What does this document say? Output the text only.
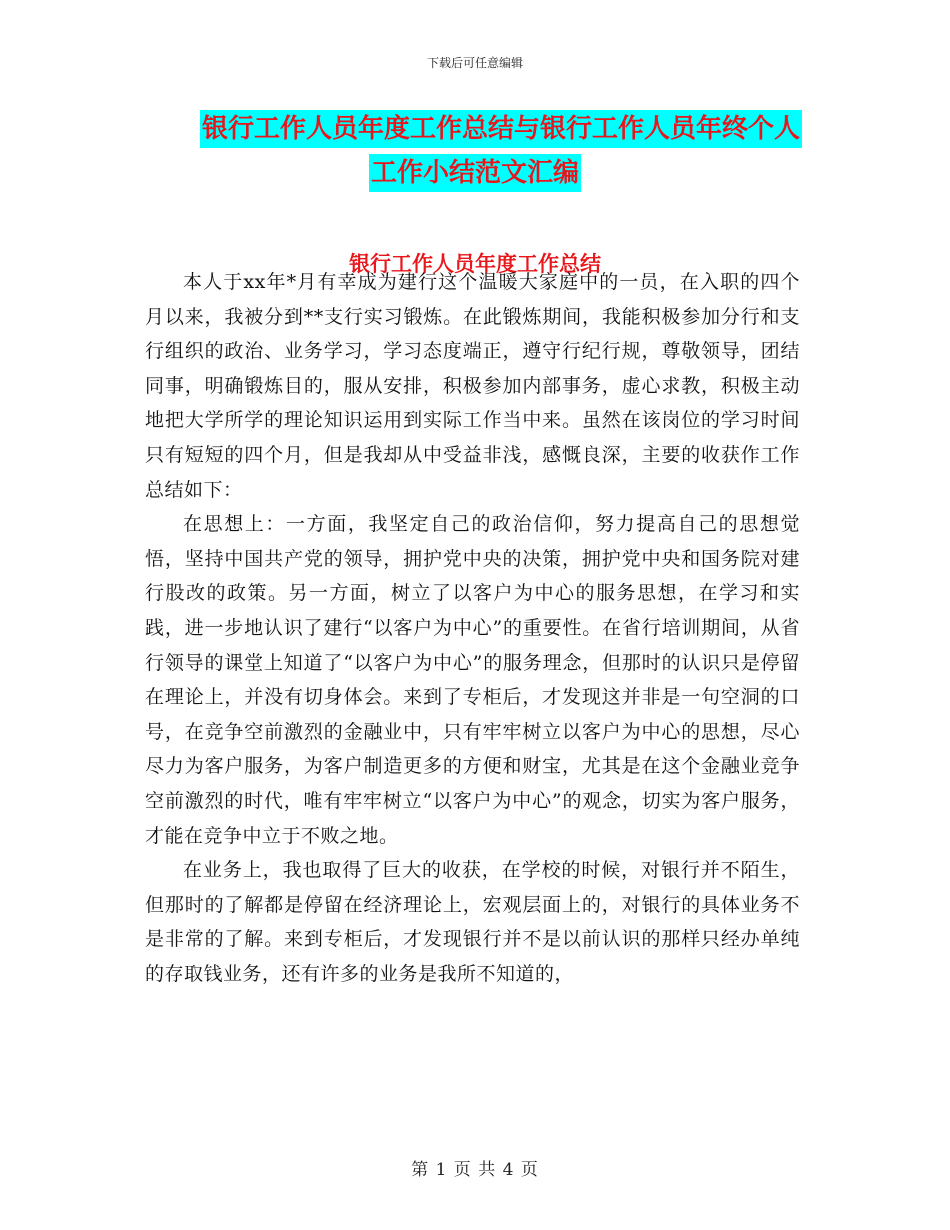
下载后可任意编辑
银行工作人员年度工作总结与银行工作人员年终个人
工作小结范文汇编
银行工作人员年度工作总结

本人于xx年*月有幸成为建行这个温暖大家庭中的一员，在入职的四个月以来，我被分到**支行实习锻炼。在此锻炼期间，我能积极参加分行和支行组织的政治、业务学习，学习态度端正，遵守行纪行规，尊敬领导，团结同事，明确锻炼目的，服从安排，积极参加内部事务，虚心求教，积极主动地把大学所学的理论知识运用到实际工作当中来。虽然在该岗位的学习时间只有短短的四个月，但是我却从中受益非浅，感慨良深，主要的收获作工作总结如下：

在思想上：一方面，我坚定自己的政治信仰，努力提高自己的思想觉悟，坚持中国共产党的领导，拥护党中央的决策，拥护党中央和国务院对建行股改的政策。另一方面，树立了以客户为中心的服务思想，在学习和实践，进一步地认识了建行“以客户为中心”的重要性。在省行培训期间，从省行领导的课堂上知道了“以客户为中心”的服务理念，但那时的认识只是停留在理论上，并没有切身体会。来到了专柜后，才发现这并非是一句空洞的口号，在竞争空前激烈的金融业中，只有牢牢树立以客户为中心的思想，尽心尽力为客户服务，为客户制造更多的方便和财宝，尤其是在这个金融业竞争空前激烈的时代，唯有牢牢树立“以客户为中心”的观念，切实为客户服务，才能在竞争中立于不败之地。

在业务上，我也取得了巨大的收获，在学校的时候，对银行并不陌生，但那时的了解都是停留在经济理论上，宏观层面上的，对银行的具体业务不是非常的了解。来到专柜后，才发现银行并不是以前认识的那样只经办单纯的存取钱业务，还有许多的业务是我所不知道的，

第 1 页 共 4 页
